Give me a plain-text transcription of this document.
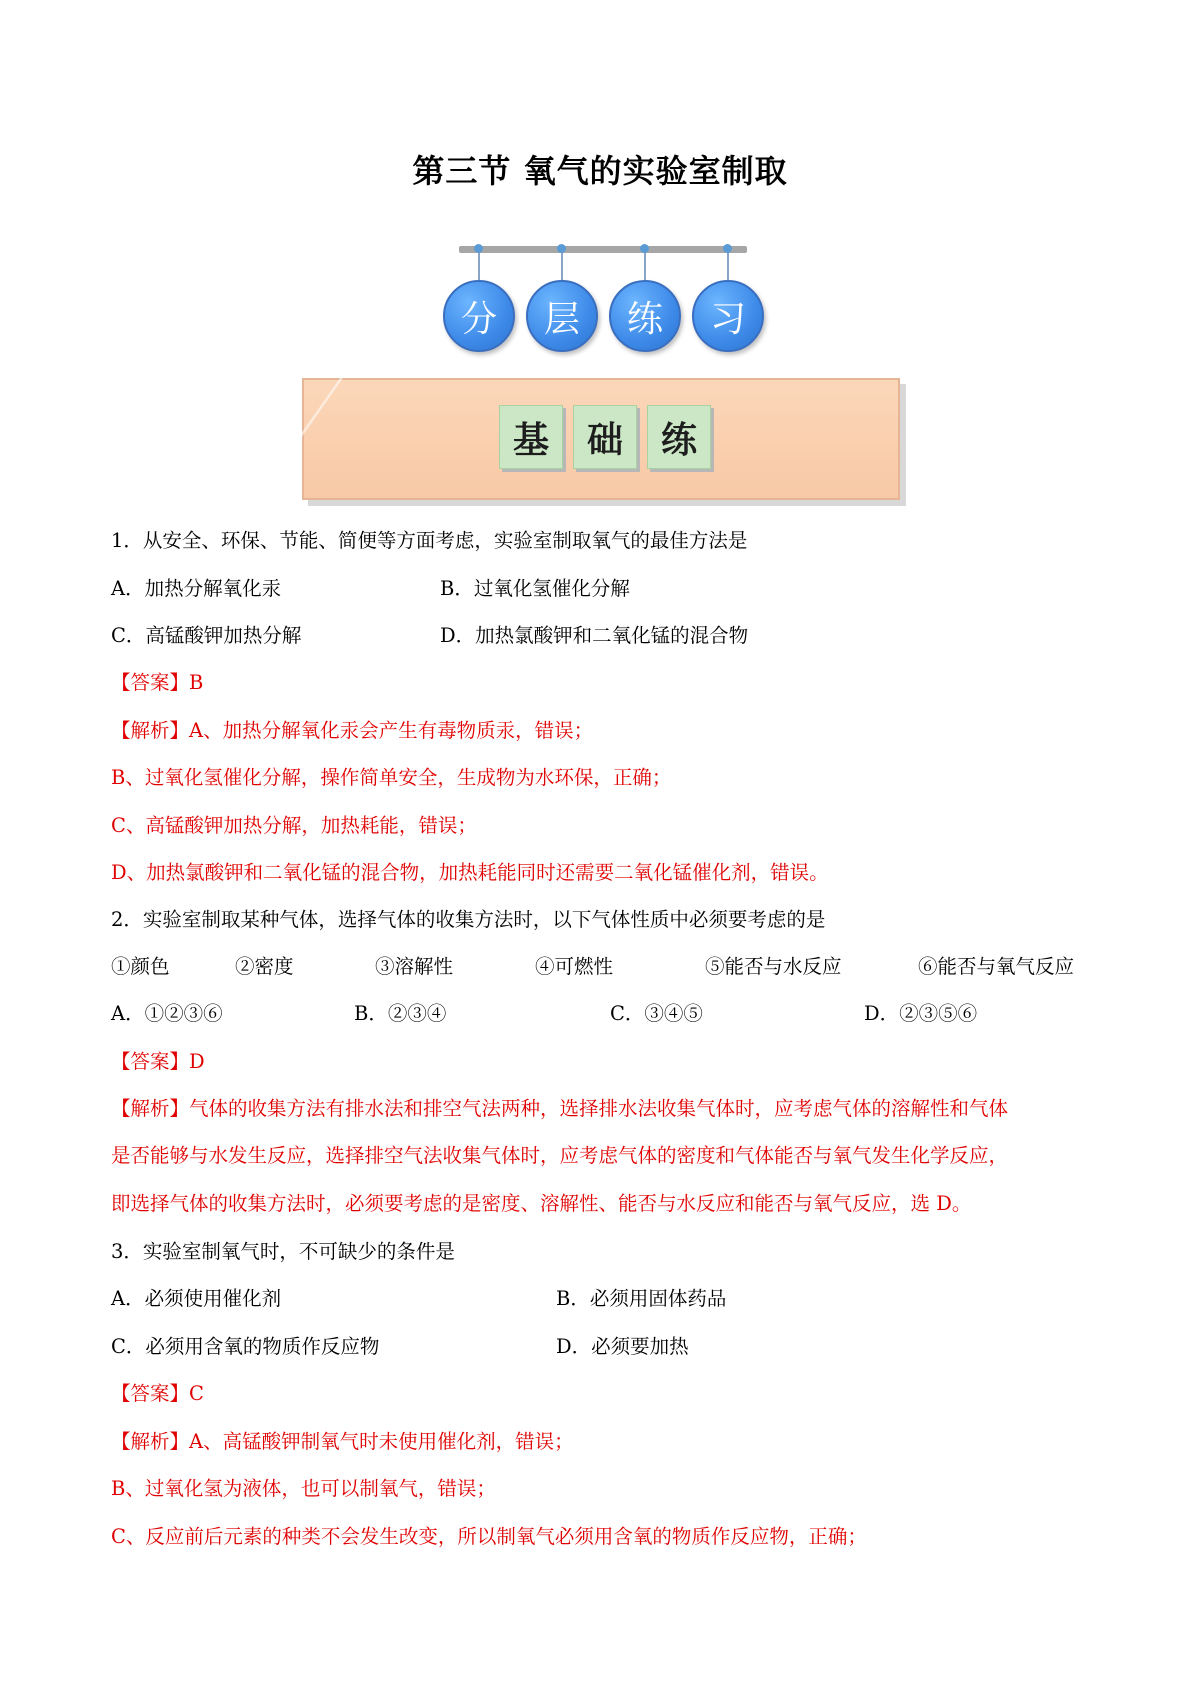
第三节 氧气的实验室制取
分	层	练	习
基	础	练
1．从安全、环保、节能、简便等方面考虑，实验室制取氧气的最佳方法是
A．加热分解氧化汞	B．过氧化氢催化分解
C．高锰酸钾加热分解	D．加热氯酸钾和二氧化锰的混合物
【答案】B
【解析】A、加热分解氧化汞会产生有毒物质汞，错误；
B、过氧化氢催化分解，操作简单安全，生成物为水环保，正确；
C、高锰酸钾加热分解，加热耗能，错误；
D、加热氯酸钾和二氧化锰的混合物，加热耗能同时还需要二氧化锰催化剂，错误。
2．实验室制取某种气体，选择气体的收集方法时，以下气体性质中必须要考虑的是
①颜色	②密度	③溶解性	④可燃性	⑤能否与水反应	⑥能否与氧气反应
A．①②③⑥	B．②③④	C．③④⑤	D．②③⑤⑥
【答案】D
【解析】气体的收集方法有排水法和排空气法两种，选择排水法收集气体时，应考虑气体的溶解性和气体
是否能够与水发生反应，选择排空气法收集气体时，应考虑气体的密度和气体能否与氧气发生化学反应，
即选择气体的收集方法时，必须要考虑的是密度、溶解性、能否与水反应和能否与氧气反应，选 D。
3．实验室制氧气时，不可缺少的条件是
A．必须使用催化剂	B．必须用固体药品
C．必须用含氧的物质作反应物	D．必须要加热
【答案】C
【解析】A、高锰酸钾制氧气时未使用催化剂，错误；
B、过氧化氢为液体，也可以制氧气，错误；
C、反应前后元素的种类不会发生改变，所以制氧气必须用含氧的物质作反应物，正确；
